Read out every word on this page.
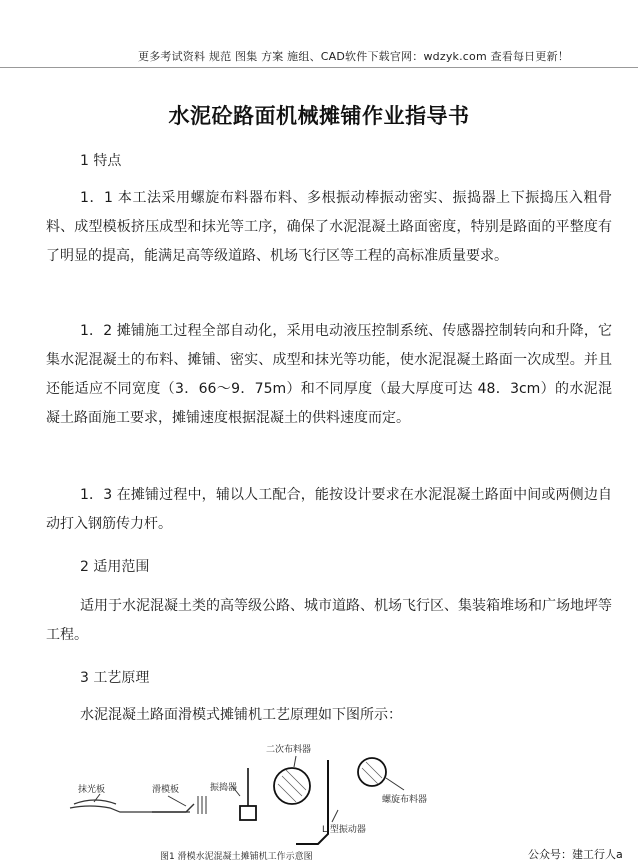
更多考试资料 规范 图集 方案 施组、CAD软件下载官网：wdzyk.com 查看每日更新！
水泥砼路面机械摊铺作业指导书
1 特点
1．1 本工法采用螺旋布料器布料、多根振动棒振动密实、振捣器上下振捣压入粗骨料、成型模板挤压成型和抹光等工序，确保了水泥混凝土路面密度，特别是路面的平整度有了明显的提高，能满足高等级道路、机场飞行区等工程的高标准质量要求。
1．2 摊铺施工过程全部自动化，采用电动液压控制系统、传感器控制转向和升降，它集水泥混凝土的布料、摊铺、密实、成型和抹光等功能，使水泥混凝土路面一次成型。并且还能适应不同宽度（3．66～9．75m）和不同厚度（最大厚度可达 48．3cm）的水泥混凝土路面施工要求，摊铺速度根据混凝土的供料速度而定。
1．3 在摊铺过程中，辅以人工配合，能按设计要求在水泥混凝土路面中间或两侧边自动打入钢筋传力杆。
2 适用范围
适用于水泥混凝土类的高等级公路、城市道路、机场飞行区、集装箱堆场和广场地坪等工程。
3 工艺原理
水泥混凝土路面滑模式摊铺机工艺原理如下图所示：
抹光板	滑模板	振捣器
二次布料器
螺旋布料器
L 型振动器
图1 滑模水泥混凝土摊铺机工作示意图	公众号：建工行人a
